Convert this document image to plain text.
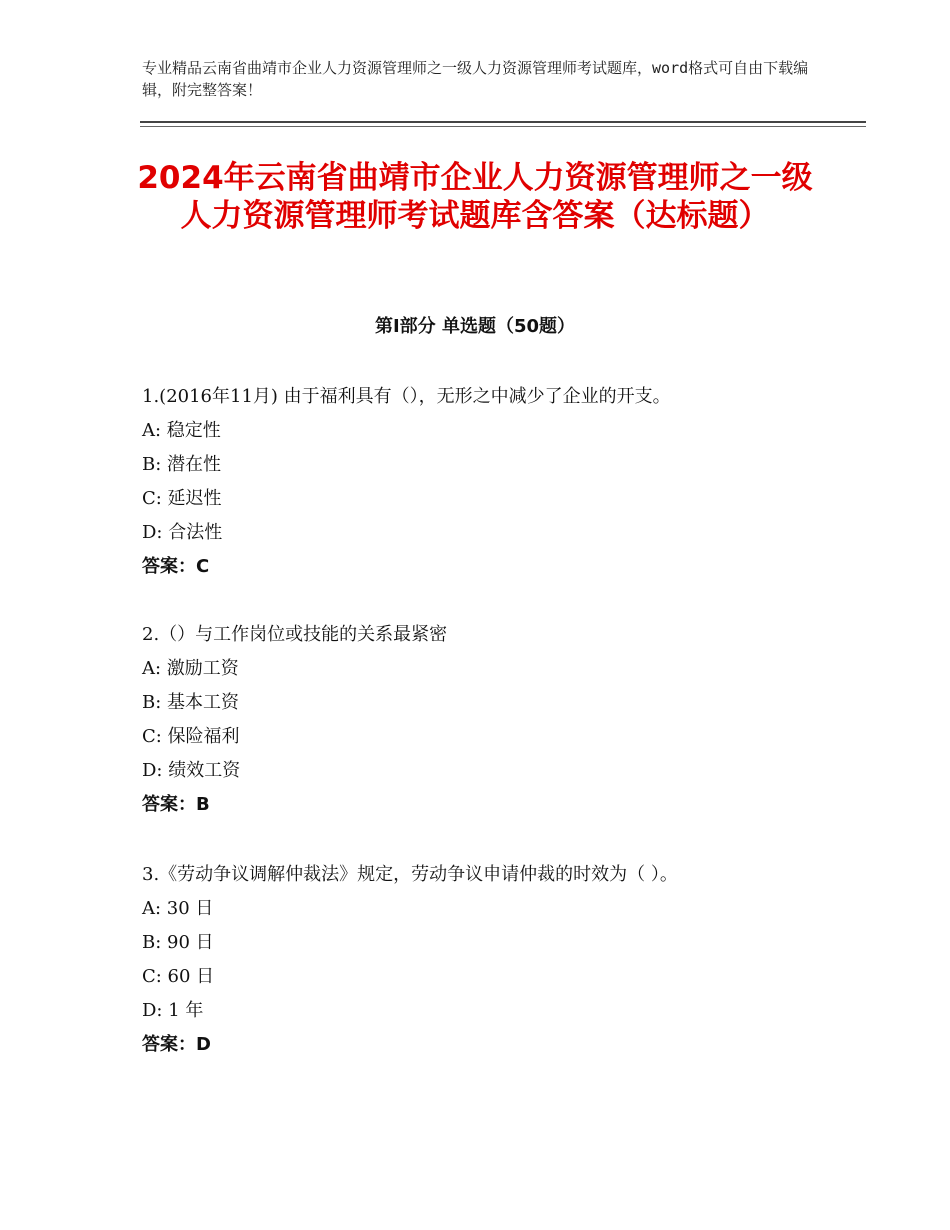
专业精品云南省曲靖市企业人力资源管理师之一级人力资源管理师考试题库，word格式可自由下载编辑，附完整答案！
2024年云南省曲靖市企业人力资源管理师之一级人力资源管理师考试题库含答案（达标题）
第Ⅰ部分 单选题（50题）
1.(2016年11月) 由于福利具有（），无形之中减少了企业的开支。
A: 稳定性
B: 潜在性
C: 延迟性
D: 合法性
答案：C
2.（）与工作岗位或技能的关系最紧密
A: 激励工资
B: 基本工资
C: 保险福利
D: 绩效工资
答案：B
3.《劳动争议调解仲裁法》规定，劳动争议申请仲裁的时效为（ ）。
A: 30 日
B: 90 日
C: 60 日
D: 1 年
答案：D
